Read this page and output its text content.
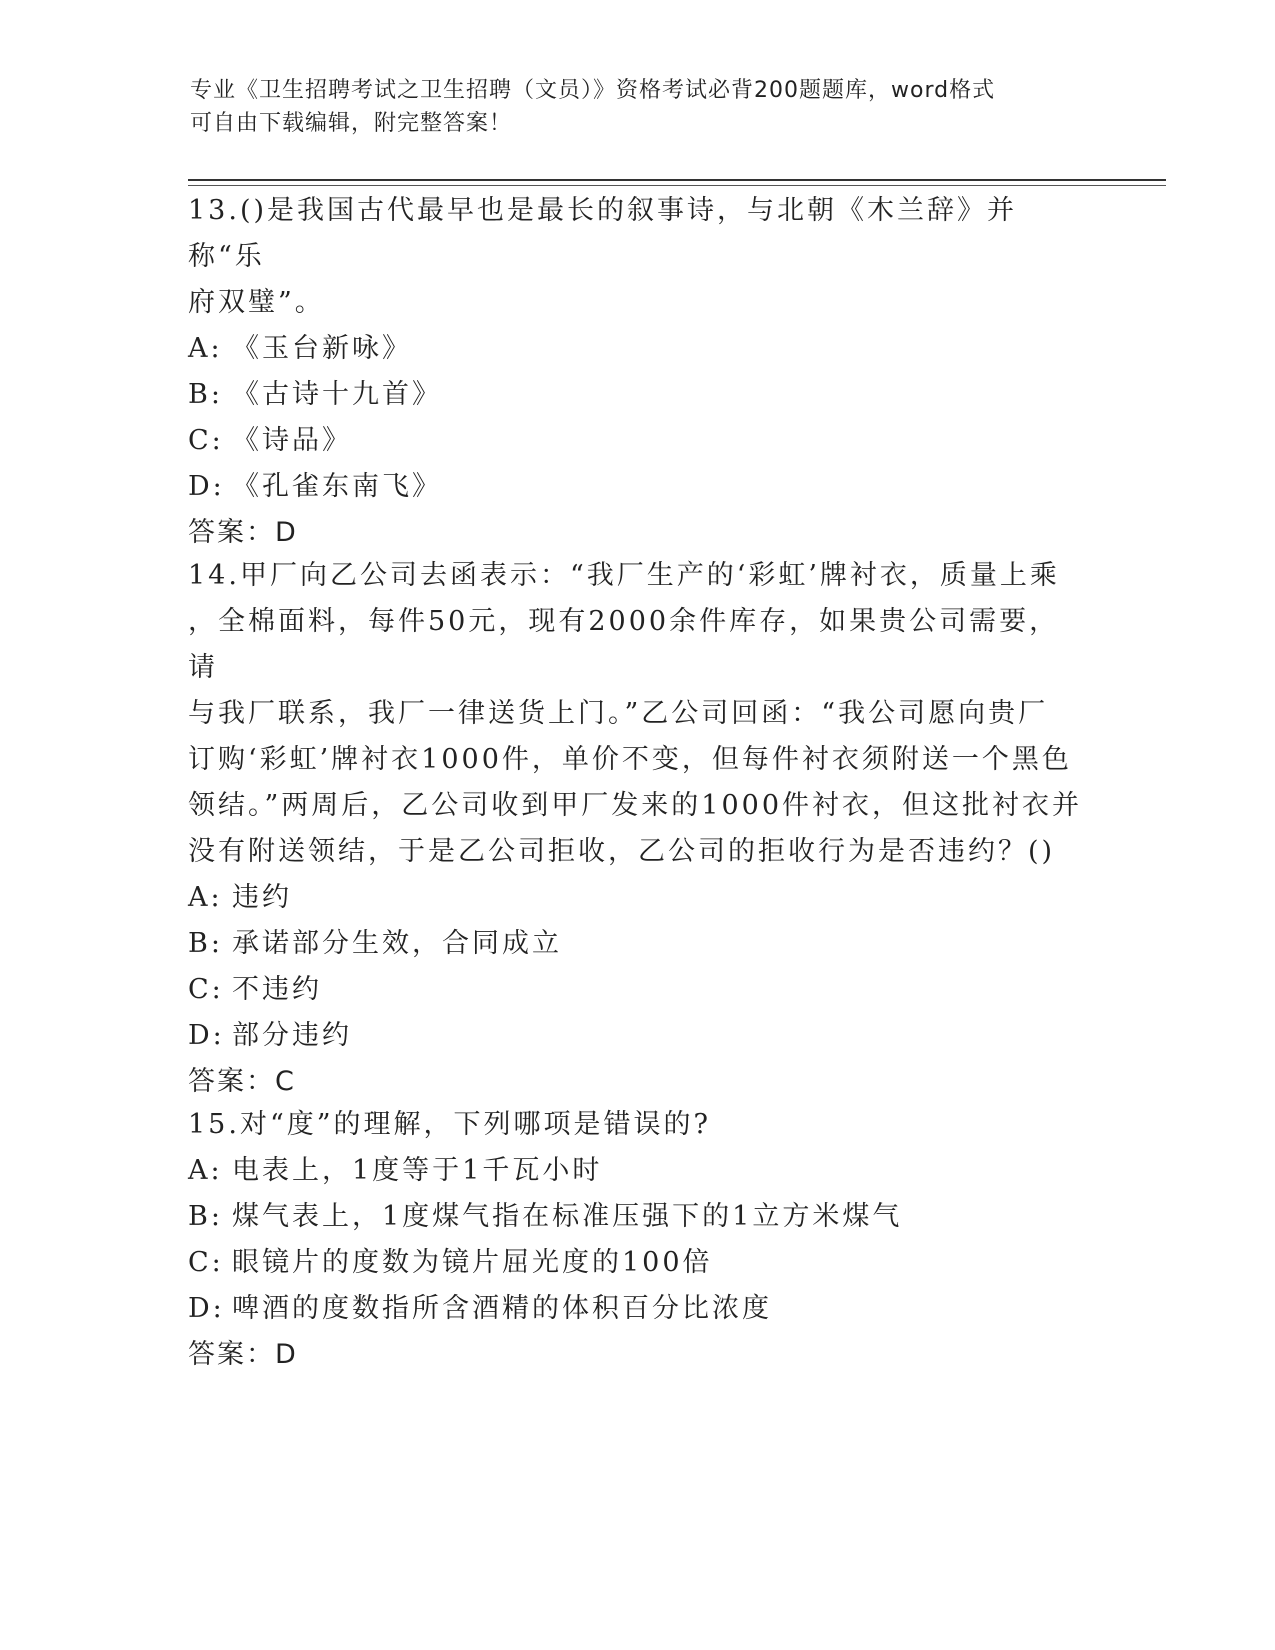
专业《卫生招聘考试之卫生招聘（文员）》资格考试必背200题题库，word格式
可自由下载编辑，附完整答案！

13.()是我国古代最早也是最长的叙事诗，与北朝《木兰辞》并称“乐

府双璧”。

A: 《玉台新咏》

B: 《古诗十九首》

C: 《诗品》

D: 《孔雀东南飞》

答案：D

14.甲厂向乙公司去函表示：“我厂生产的‘彩虹’牌衬衣，质量上乘

，全棉面料，每件50元，现有2000余件库存，如果贵公司需要，请

与我厂联系，我厂一律送货上门。”乙公司回函：“我公司愿向贵厂

订购‘彩虹’牌衬衣1000件，单价不变，但每件衬衣须附送一个黑色

领结。”两周后，乙公司收到甲厂发来的1000件衬衣，但这批衬衣并

没有附送领结，于是乙公司拒收，乙公司的拒收行为是否违约？()

A: 违约

B: 承诺部分生效，合同成立

C: 不违约

D: 部分违约

答案：C

15.对“度”的理解，下列哪项是错误的?

A: 电表上，1度等于1千瓦小时

B: 煤气表上，1度煤气指在标准压强下的1立方米煤气

C: 眼镜片的度数为镜片屈光度的100倍

D: 啤酒的度数指所含酒精的体积百分比浓度

答案：D
